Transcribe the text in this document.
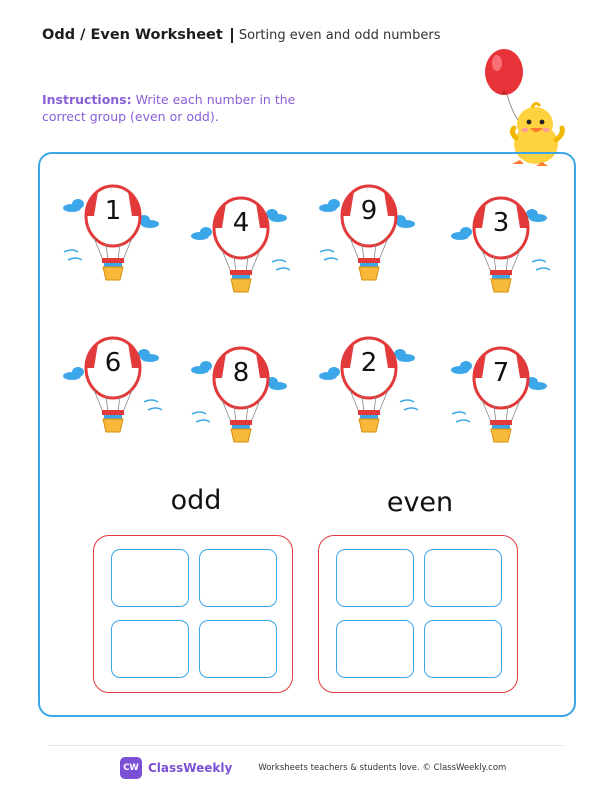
Odd / Even Worksheet Sorting even and odd numbers
Instructions: Write each number in the correct group (even or odd).
1	4	9	3
6	8	2	7
odd	even
CW ClassWeekly	Worksheets teachers & students love. © ClassWeekly.com
